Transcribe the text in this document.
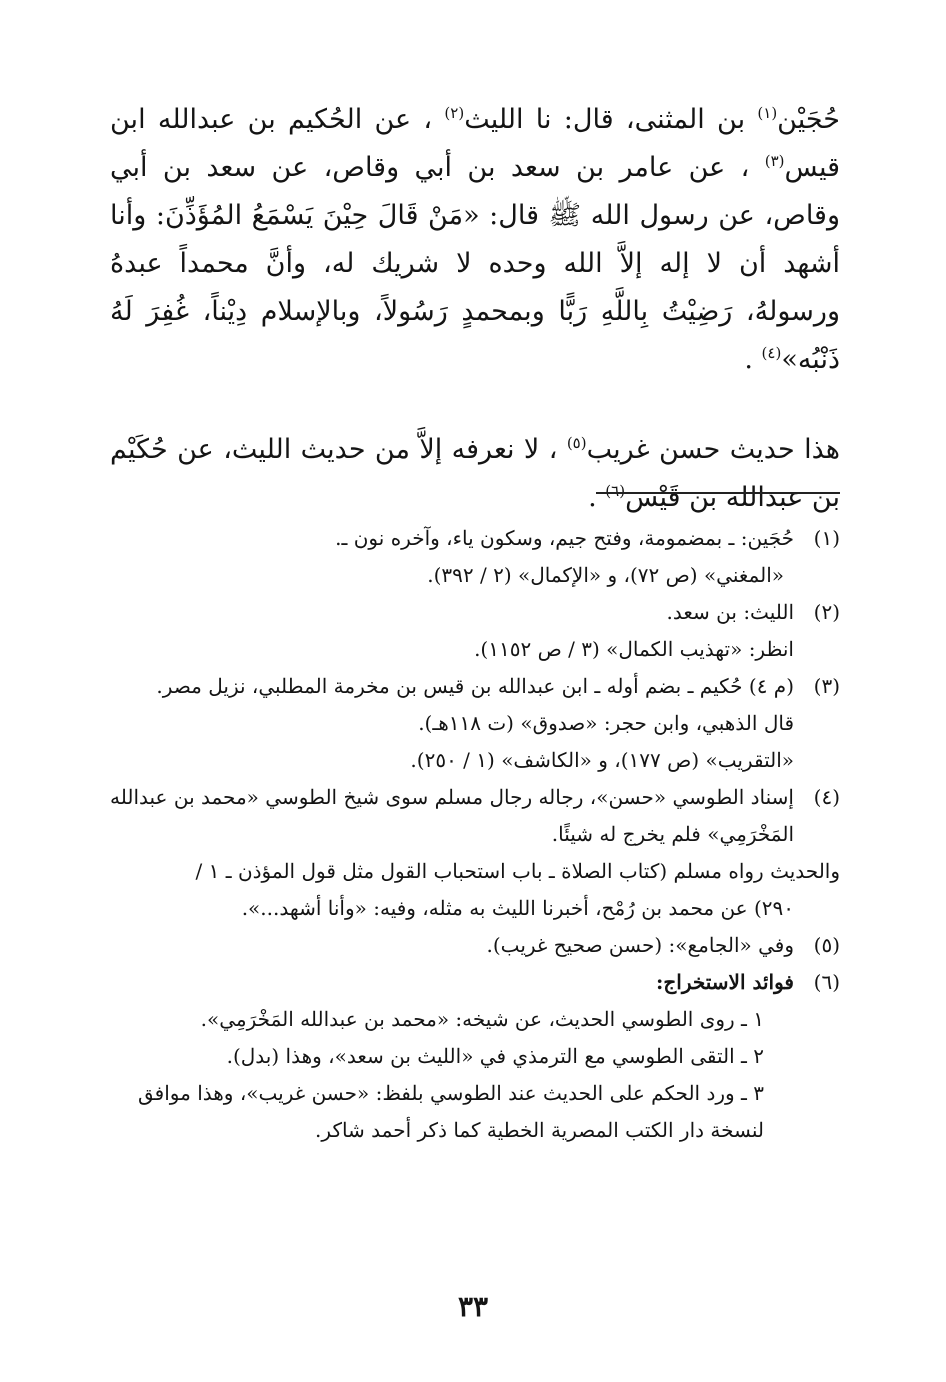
حُجَيْن$^{(١)}$ بن المثنى، قال: نا الليث$^{(٢)}$ ، عن الحُكيم بن عبدالله ابن قيس$^{(٣)}$ ، عن عامر بن سعد بن أبي وقاص، عن سعد بن أبي وقاص، عن رسول الله ﷺ قال: «مَنْ قَالَ حِيْنَ يَسْمَعُ المُؤَذِّنَ: وأنا أشهد أن لا إله إلاَّ الله وحده لا شريك له، وأنَّ محمداً عبدهُ ورسولهُ، رَضِيْتُ بِاللَّهِ رَبًّا وبمحمدٍ رَسُولاً، وبالإسلام دِيْناً، غُفِرَ لَهُ ذَنْبُه»$^{(٤)}$ .

هذا حديث حسن غريب$^{(٥)}$ ، لا نعرفه إلاَّ من حديث الليث، عن حُكَيْم بن عبدالله بن قَيْس$^{(٦)}$ .

(١)
حُجَين: ـ بمضمومة، وفتح جيم، وسكون ياء، وآخره نون ـ.
«المغني» (ص ٧٢)، و «الإكمال» (٢ / ٣٩٢).
(٢)
الليث: بن سعد.
انظر: «تهذيب الكمال» (٣ / ص ١١٥٢).
(٣)
(م ٤) حُكيم ـ بضم أوله ـ ابن عبدالله بن قيس بن مخرمة المطلبي، نزيل مصر.
قال الذهبي، وابن حجر: «صدوق» (ت ١١٨هـ).
«التقريب» (ص ١٧٧)، و «الكاشف» (١ / ٢٥٠).
(٤)
إسناد الطوسي «حسن»، رجاله رجال مسلم سوى شيخ الطوسي «محمد بن عبدالله
المَخْرَمِي» فلم يخرج له شيئًا.
والحديث رواه مسلم (كتاب الصلاة ـ باب استحباب القول مثل قول المؤذن ـ ١ /
٢٩٠) عن محمد بن رُمْح، أخبرنا الليث به مثله، وفيه: «وأنا أشهد...».
(٥)
وفي «الجامع»: (حسن صحيح غريب).
(٦)
فوائد الاستخراج:
١ ـ روى الطوسي الحديث، عن شيخه: «محمد بن عبدالله المَخْرَمِي».
٢ ـ التقى الطوسي مع الترمذي في «الليث بن سعد»، وهذا (بدل).
٣ ـ ورد الحكم على الحديث عند الطوسي بلفظ: «حسن غريب»، وهذا موافق
لنسخة دار الكتب المصرية الخطية كما ذكر أحمد شاكر.
٣٣
